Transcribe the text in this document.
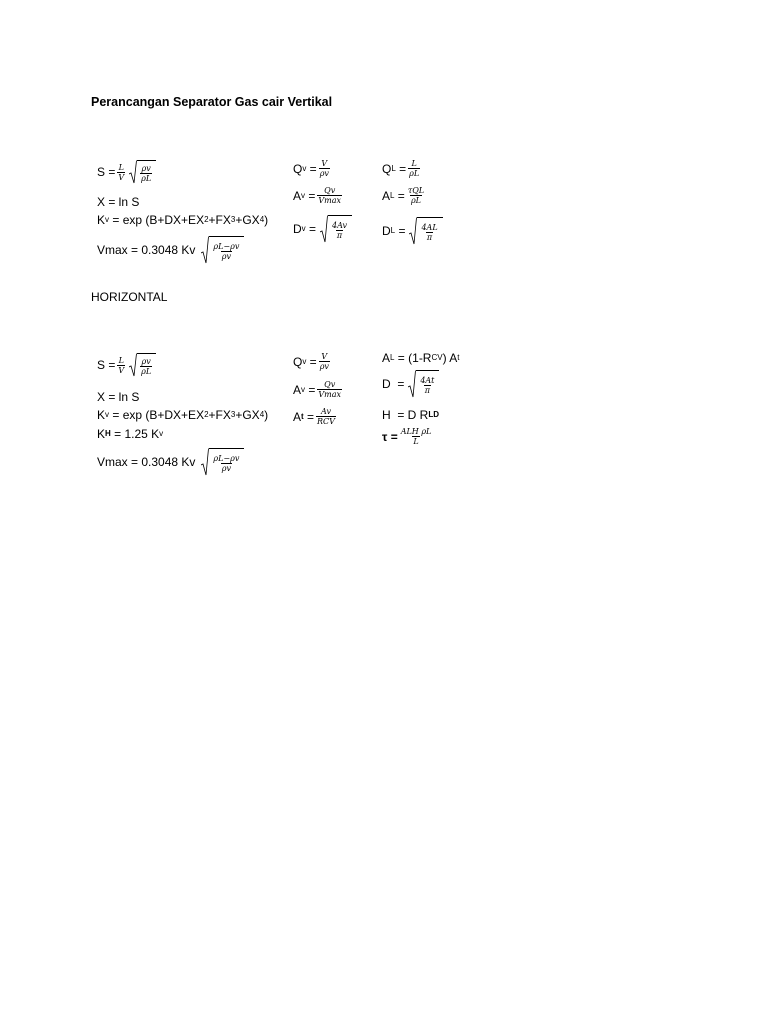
Perancangan Separator Gas cair Vertikal
$S = \frac{L}{V} \frac{\rho v}{\rho L}$
X = ln S
K v = exp (B+DX+EX 2 +FX 3 +GX 4 )
Vmax = 0.3048 Kv $\frac{\rho L-\rho v}{\rho v}$
Q $v = \frac{V}{\rho v}$
A $v = \frac{Qv}{Vmax}$
D $v = \frac{4Av}{\pi}$
Q $L = \frac{L}{\rho L}$
A $L = \frac{\text{τQL}}{\rho L}$
D $L = \frac{4AL}{\pi}$
HORIZONTAL
$S = \frac{L}{V} \frac{\rho v}{\rho L}$
X = ln S
K v = exp (B+DX+EX 2 +FX 3 +GX 4 )
K H = 1.25 K v
Vmax = 0.3048 Kv $\frac{\rho L-\rho v}{\rho v}$
Q $v = \frac{V}{\rho v}$
A $v = \frac{Qv}{Vmax}$
A $t = \frac{Av}{\text{RCV}}$
A L = (1-R CV ) A t
$D = \frac{4At}{\pi}$
H  = D R LD
$\tau = \frac{\text{ALH ρL}}{L}$
